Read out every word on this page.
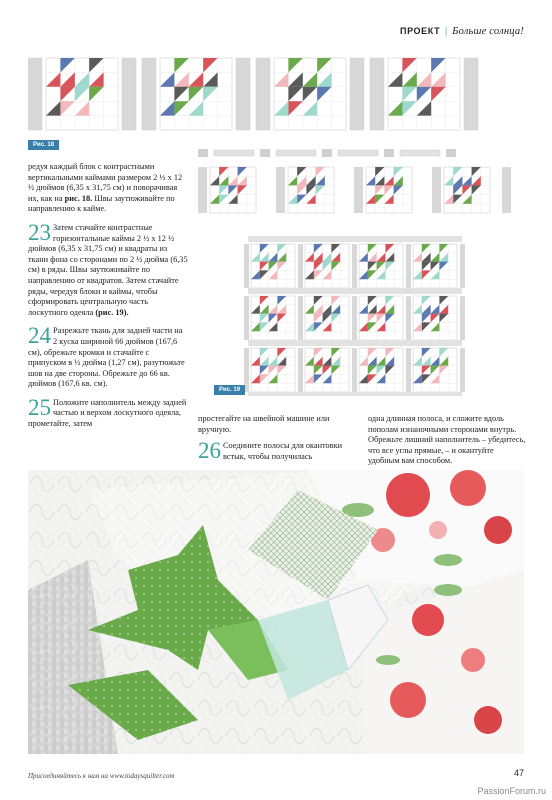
ПРОЕКТ | Больше солнца!
Рис. 18
Рис. 19

редуя каждый блок с контрастными вертикальными каймами размером 2 ½ х 12 ½ дюймов (6,35 х 31,75 см) и поворачивая их, как на рис. 18. Швы заутюживайте по направлению к кайме.

23 Затем стачайте контрастные горизонтальные каймы 2 ½ х 12 ½ дюймов (6,35 х 31,75 см) и квадраты из ткани фона со сторонами по 2 ½ дюйма (6,35 см) в ряды. Швы заутюживайте по направлению от квадратов. Затем стачайте ряды, чередуя блоки и каймы, чтобы сформировать центральную часть лоскутного одеяла (рис. 19).

24 Разрежьте ткань для задней части на 2 куска шириной 66 дюймов (167,6 см), обрежьте кромки и стачайте с припуском в ½ дюйма (1,27 см), разутюжьте шов на две стороны. Обрежьте до 66 кв. дюймов (167,6 кв. см).

25 Положите наполнитель между задней частью и верхом лоскутного одеяла, прометайте, затем

простегайте на швейной машине или вручную.

26 Соедините полосы для окантовки встык, чтобы получилась

одна длинная полоса, и сложите вдоль пополам изнаночными сторонами внутрь. Обрежьте лишний наполнитель – убедитесь, что все углы прямые, – и окантуйте удобным вам способом.

Присоединяйтесь к нам на www.todaysquilter.com	47
PassionForum.ru
